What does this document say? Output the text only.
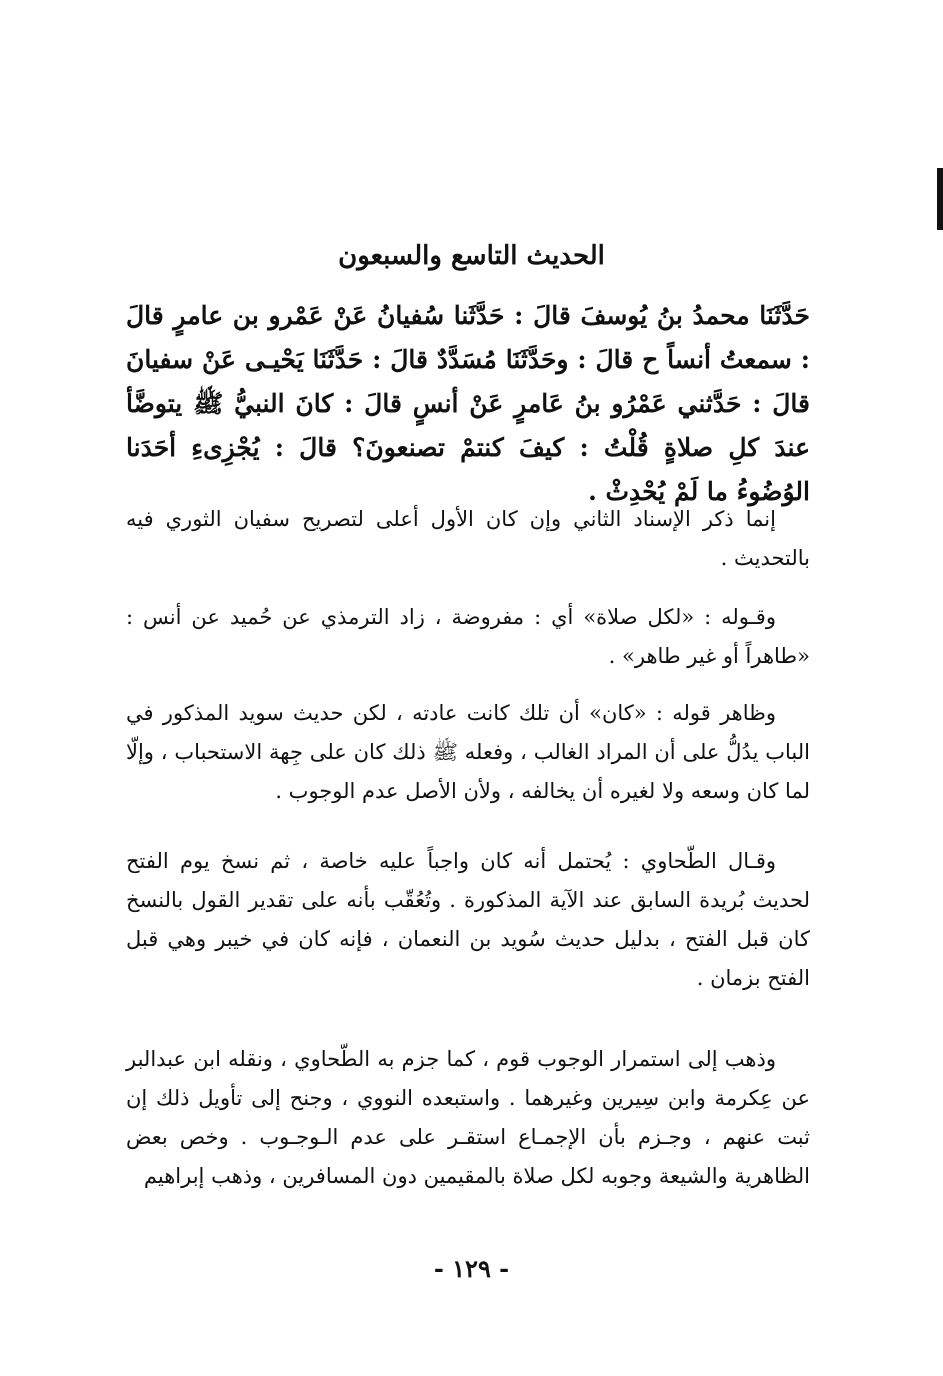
الحديث التاسع والسبعون

حَدَّثَنَا محمدُ بنُ يُوسفَ قالَ : حَدَّثَنا سُفيانُ عَنْ عَمْرو بن عامرٍ قالَ : سمعتُ أنساً ح قالَ : وحَدَّثَنَا مُسَدَّدٌ قالَ : حَدَّثَنَا يَحْيـى عَنْ سفيانَ قالَ : حَدَّثني عَمْرُو بنُ عَامرٍ عَنْ أنسٍ قالَ : كانَ النبيُّ ﷺ يتوضَّأ عندَ كلِ صلاةٍ قُلْتُ : كيفَ كنتمْ تصنعونَ؟ قالَ : يُجْزِىءِ أحَدَنا الوُضُوءُ ما لَمْ يُحْدِثْ .

إنما ذكر الإسناد الثاني وإن كان الأول أعلى لتصريح سفيان الثوري فيه بالتحديث .

وقـوله : «لكل صلاة» أي : مفروضة ، زاد الترمذي عن حُميد عن أنس : «طاهراً أو غير طاهر» .

وظاهر قوله : «كان» أن تلك كانت عادته ، لكن حديث سويد المذكور في الباب يدُلُّ على أن المراد الغالب ، وفعله ﷺ ذلك كان على جِهة الاستحباب ، وإلّا لما كان وسعه ولا لغيره أن يخالفه ، ولأن الأصل عدم الوجوب .

وقـال الطّحاوي : يُحتمل أنه كان واجباً عليه خاصة ، ثم نسخ يوم الفتح لحديث بُريدة السابق عند الآية المذكورة . وتُعُقّب بأنه على تقدير القول بالنسخ كان قبل الفتح ، بدليل حديث سُويد بن النعمان ، فإنه كان في خيبر وهي قبل الفتح بزمان .

وذهب إلى استمرار الوجوب قوم ، كما جزم به الطّحاوي ، ونقله ابن عبدالبر عن عِكرمة وابن سِيرين وغيرهما . واستبعده النووي ، وجنح إلى تأويل ذلك إن ثبت عنهم ، وجـزم بأن الإجمـاع استقـر على عدم الـوجـوب . وخص بعض الظاهرية والشيعة وجوبه لكل صلاة بالمقيمين دون المسافرين ، وذهب إبراهيم

- ١٢٩ -
